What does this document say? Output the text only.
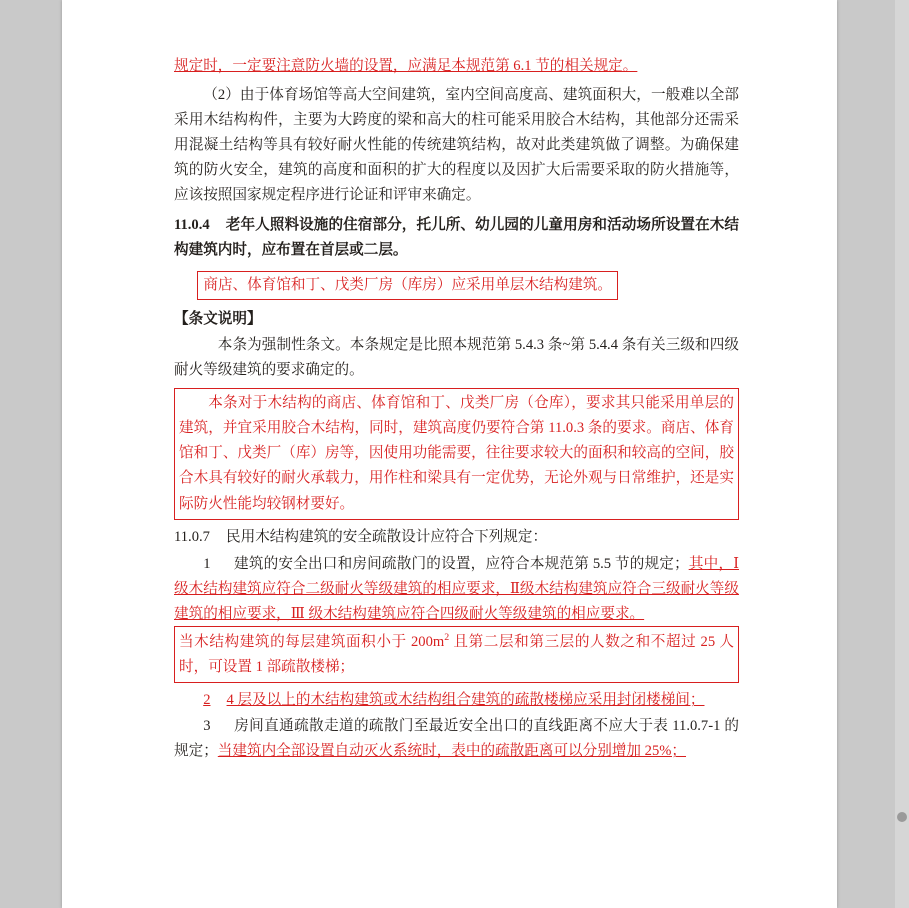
规定时，一定要注意防火墙的设置，应满足本规范第 6.1 节的相关规定。

（2）由于体育场馆等高大空间建筑，室内空间高度高、建筑面积大，一般难以全部采用木结构构件，主要为大跨度的梁和高大的柱可能采用胶合木结构，其他部分还需采用混凝土结构等具有较好耐火性能的传统建筑结构，故对此类建筑做了调整。为确保建筑的防火安全，建筑的高度和面积的扩大的程度以及因扩大后需要采取的防火措施等，应该按照国家规定程序进行论证和评审来确定。

11.0.4 老年人照料设施的住宿部分，托儿所、幼儿园的儿童用房和活动场所设置在木结构建筑内时，应布置在首层或二层。

商店、体育馆和丁、戊类厂房（库房）应采用单层木结构建筑。

【条文说明】

本条为强制性条文。本条规定是比照本规范第 5.4.3 条~第 5.4.4 条有关三级和四级耐火等级建筑的要求确定的。

本条对于木结构的商店、体育馆和丁、戊类厂房（仓库），要求其只能采用单层的建筑，并宜采用胶合木结构，同时，建筑高度仍要符合第 11.0.3 条的要求。商店、体育馆和丁、戊类厂（库）房等，因使用功能需要，往往要求较大的面积和较高的空间，胶合木具有较好的耐火承载力，用作柱和梁具有一定优势，无论外观与日常维护，还是实际防火性能均较钢材要好。

11.0.7 民用木结构建筑的安全疏散设计应符合下列规定：

1 建筑的安全出口和房间疏散门的设置，应符合本规范第 5.5 节的规定；其中，Ⅰ级木结构建筑应符合二级耐火等级建筑的相应要求，Ⅱ级木结构建筑应符合三级耐火等级建筑的相应要求，Ⅲ 级木结构建筑应符合四级耐火等级建筑的相应要求。

当木结构建筑的每层建筑面积小于 $200m^2$ 且第二层和第三层的人数之和不超过 25 人时，可设置 1 部疏散楼梯；

2 4 层及以上的木结构建筑或木结构组合建筑的疏散楼梯应采用封闭楼梯间；

3 房间直通疏散走道的疏散门至最近安全出口的直线距离不应大于表 11.0.7-1 的规定；当建筑内全部设置自动灭火系统时，表中的疏散距离可以分别增加 25%；
